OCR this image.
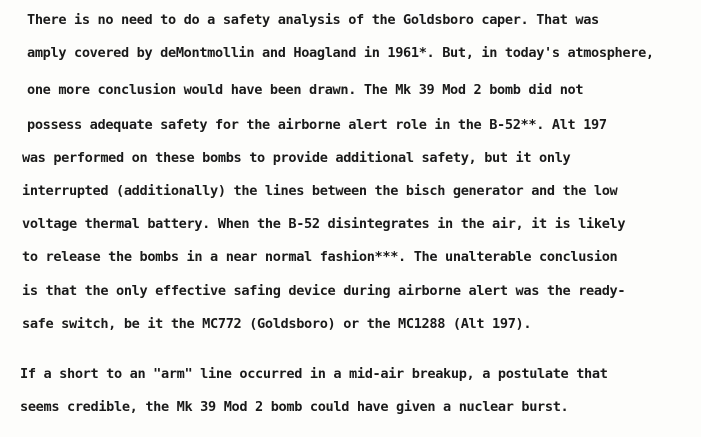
There is no need to do a safety analysis of the Goldsboro caper. That was
amply covered by deMontmollin and Hoagland in 1961*. But, in today's atmosphere,
one more conclusion would have been drawn. The Mk 39 Mod 2 bomb did not
possess adequate safety for the airborne alert role in the B-52**. Alt 197
was performed on these bombs to provide additional safety, but it only
interrupted (additionally) the lines between the bisch generator and the low
voltage thermal battery. When the B-52 disintegrates in the air, it is likely
to release the bombs in a near normal fashion***. The unalterable conclusion
is that the only effective safing device during airborne alert was the ready-
safe switch, be it the MC772 (Goldsboro) or the MC1288 (Alt 197).
If a short to an "arm" line occurred in a mid-air breakup, a postulate that
seems credible, the Mk 39 Mod 2 bomb could have given a nuclear burst.
